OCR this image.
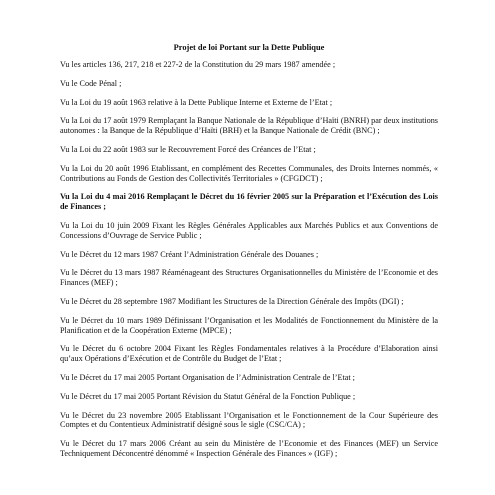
Projet de loi Portant sur la Dette Publique

Vu les articles 136, 217, 218 et 227-2 de la Constitution du 29 mars 1987 amendée ;

Vu le Code Pénal ;

Vu la Loi du 19 août 1963 relative à la Dette Publique Interne et Externe de l’Etat ;

Vu la Loi du 17 août 1979 Remplaçant la Banque Nationale de la République d’Haïti (BNRH) par deux institutions autonomes : la Banque de la République d’Haïti (BRH) et la Banque Nationale de Crédit (BNC) ;

Vu la Loi du 22 août 1983 sur le Recouvrement Forcé des Créances de l’Etat ;

Vu la Loi du 20 août 1996 Etablissant, en complément des Recettes Communales, des Droits Internes nommés, « Contributions au Fonds de Gestion des Collectivités Territoriales » (CFGDCT) ;

Vu la Loi du 4 mai 2016 Remplaçant le Décret du 16 février 2005 sur la Préparation et l’Exécution des Lois de Finances ;

Vu la Loi du 10 juin 2009 Fixant les Règles Générales Applicables aux Marchés Publics et aux Conventions de Concessions d’Ouvrage de Service Public ;

Vu le Décret du 12 mars 1987 Créant l’Administration Générale des Douanes ;

Vu le Décret du 13 mars 1987 Réaménageant des Structures Organisationnelles du Ministère de l’Economie et des Finances (MEF) ;

Vu le Décret du 28 septembre 1987 Modifiant les Structures de la Direction Générale des Impôts (DGI) ;

Vu le Décret du 10 mars 1989 Définissant l’Organisation et les Modalités de Fonctionnement du Ministère de la Planification et de la Coopération Externe (MPCE) ;

Vu le Décret du 6 octobre 2004 Fixant les Règles Fondamentales relatives à la Procédure d’Elaboration ainsi qu’aux Opérations d’Exécution et de Contrôle du Budget de l’Etat ;

Vu le Décret du 17 mai 2005 Portant Organisation de l’Administration Centrale de l’Etat ;

Vu le Décret du 17 mai 2005 Portant Révision du Statut Général de la Fonction Publique ;

Vu le Décret du 23 novembre 2005 Etablissant l’Organisation et le Fonctionnement de la Cour Supérieure des Comptes et du Contentieux Administratif désigné sous le sigle (CSC/CA) ;

Vu le Décret du 17 mars 2006 Créant au sein du Ministère de l’Economie et des Finances (MEF) un Service Techniquement Déconcentré dénommé « Inspection Générale des Finances » (IGF) ;
